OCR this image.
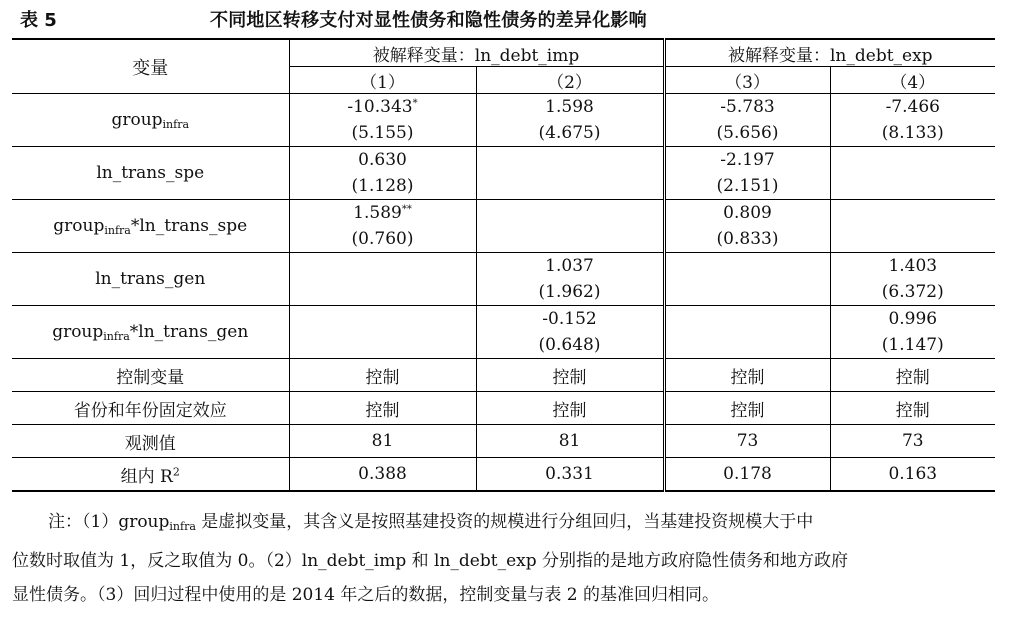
表 5	不同地区转移支付对显性债务和隐性债务的差异化影响
变量	被解释变量：ln_debt_imp		被解释变量：ln_debt_exp	
	（1）	（2）	（3）	（4）
group$_{infra}$	-10.343*	1.598	-5.783	-7.466
	(5.155)	(4.675)	(5.656)	(8.133)
ln_trans_spe	0.630		-2.197	
	(1.128)		(2.151)	
group$_{infra}$*ln_trans_spe	1.589**		0.809	
	(0.760)		(0.833)	
ln_trans_gen		1.037		1.403
		(1.962)		(6.372)
group$_{infra}$*ln_trans_gen		-0.152		0.996
		(0.648)		(1.147)
控制变量	控制	控制	控制	控制
省份和年份固定效应	控制	控制	控制	控制
观测值	81	81	73	73
组内 $R^2$	0.388	0.331	0.178	0.163

注：（1）group$_{infra}$ 是虚拟变量，其含义是按照基建投资的规模进行分组回归，当基建投资规模大于中

位数时取值为 1，反之取值为 0。（2）ln_debt_imp 和 ln_debt_exp 分别指的是地方政府隐性债务和地方政府

显性债务。（3）回归过程中使用的是 2014 年之后的数据，控制变量与表 2 的基准回归相同。
